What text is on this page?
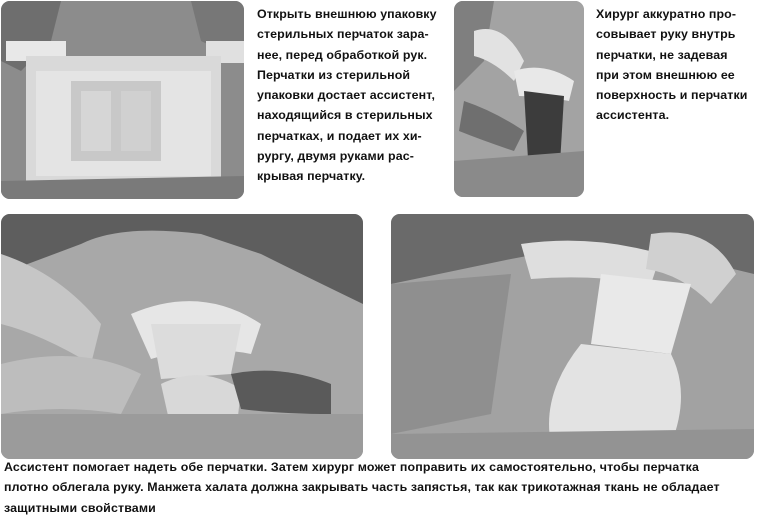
Открыть внешнюю упаковку
стерильных перчаток зара-
нее, перед обработкой рук.

Перчатки из стерильной
упаковки достает ассистент,
находящийся в стерильных
перчатках, и подает их хи-
рургу, двумя руками рас-
крывая перчатку.

Хирург аккуратно про-
совывает руку внутрь
перчатки, не задевая
при этом внешнюю ее
поверхность и перчатки
ассистента.
Ассистент помогает надеть обе перчатки. Затем хирург может поправить их самостоятельно, чтобы перчатка
плотно облегала руку. Манжета халата должна закрывать часть запястья, так как трикотажная ткань не обладает
защитными свойствами
